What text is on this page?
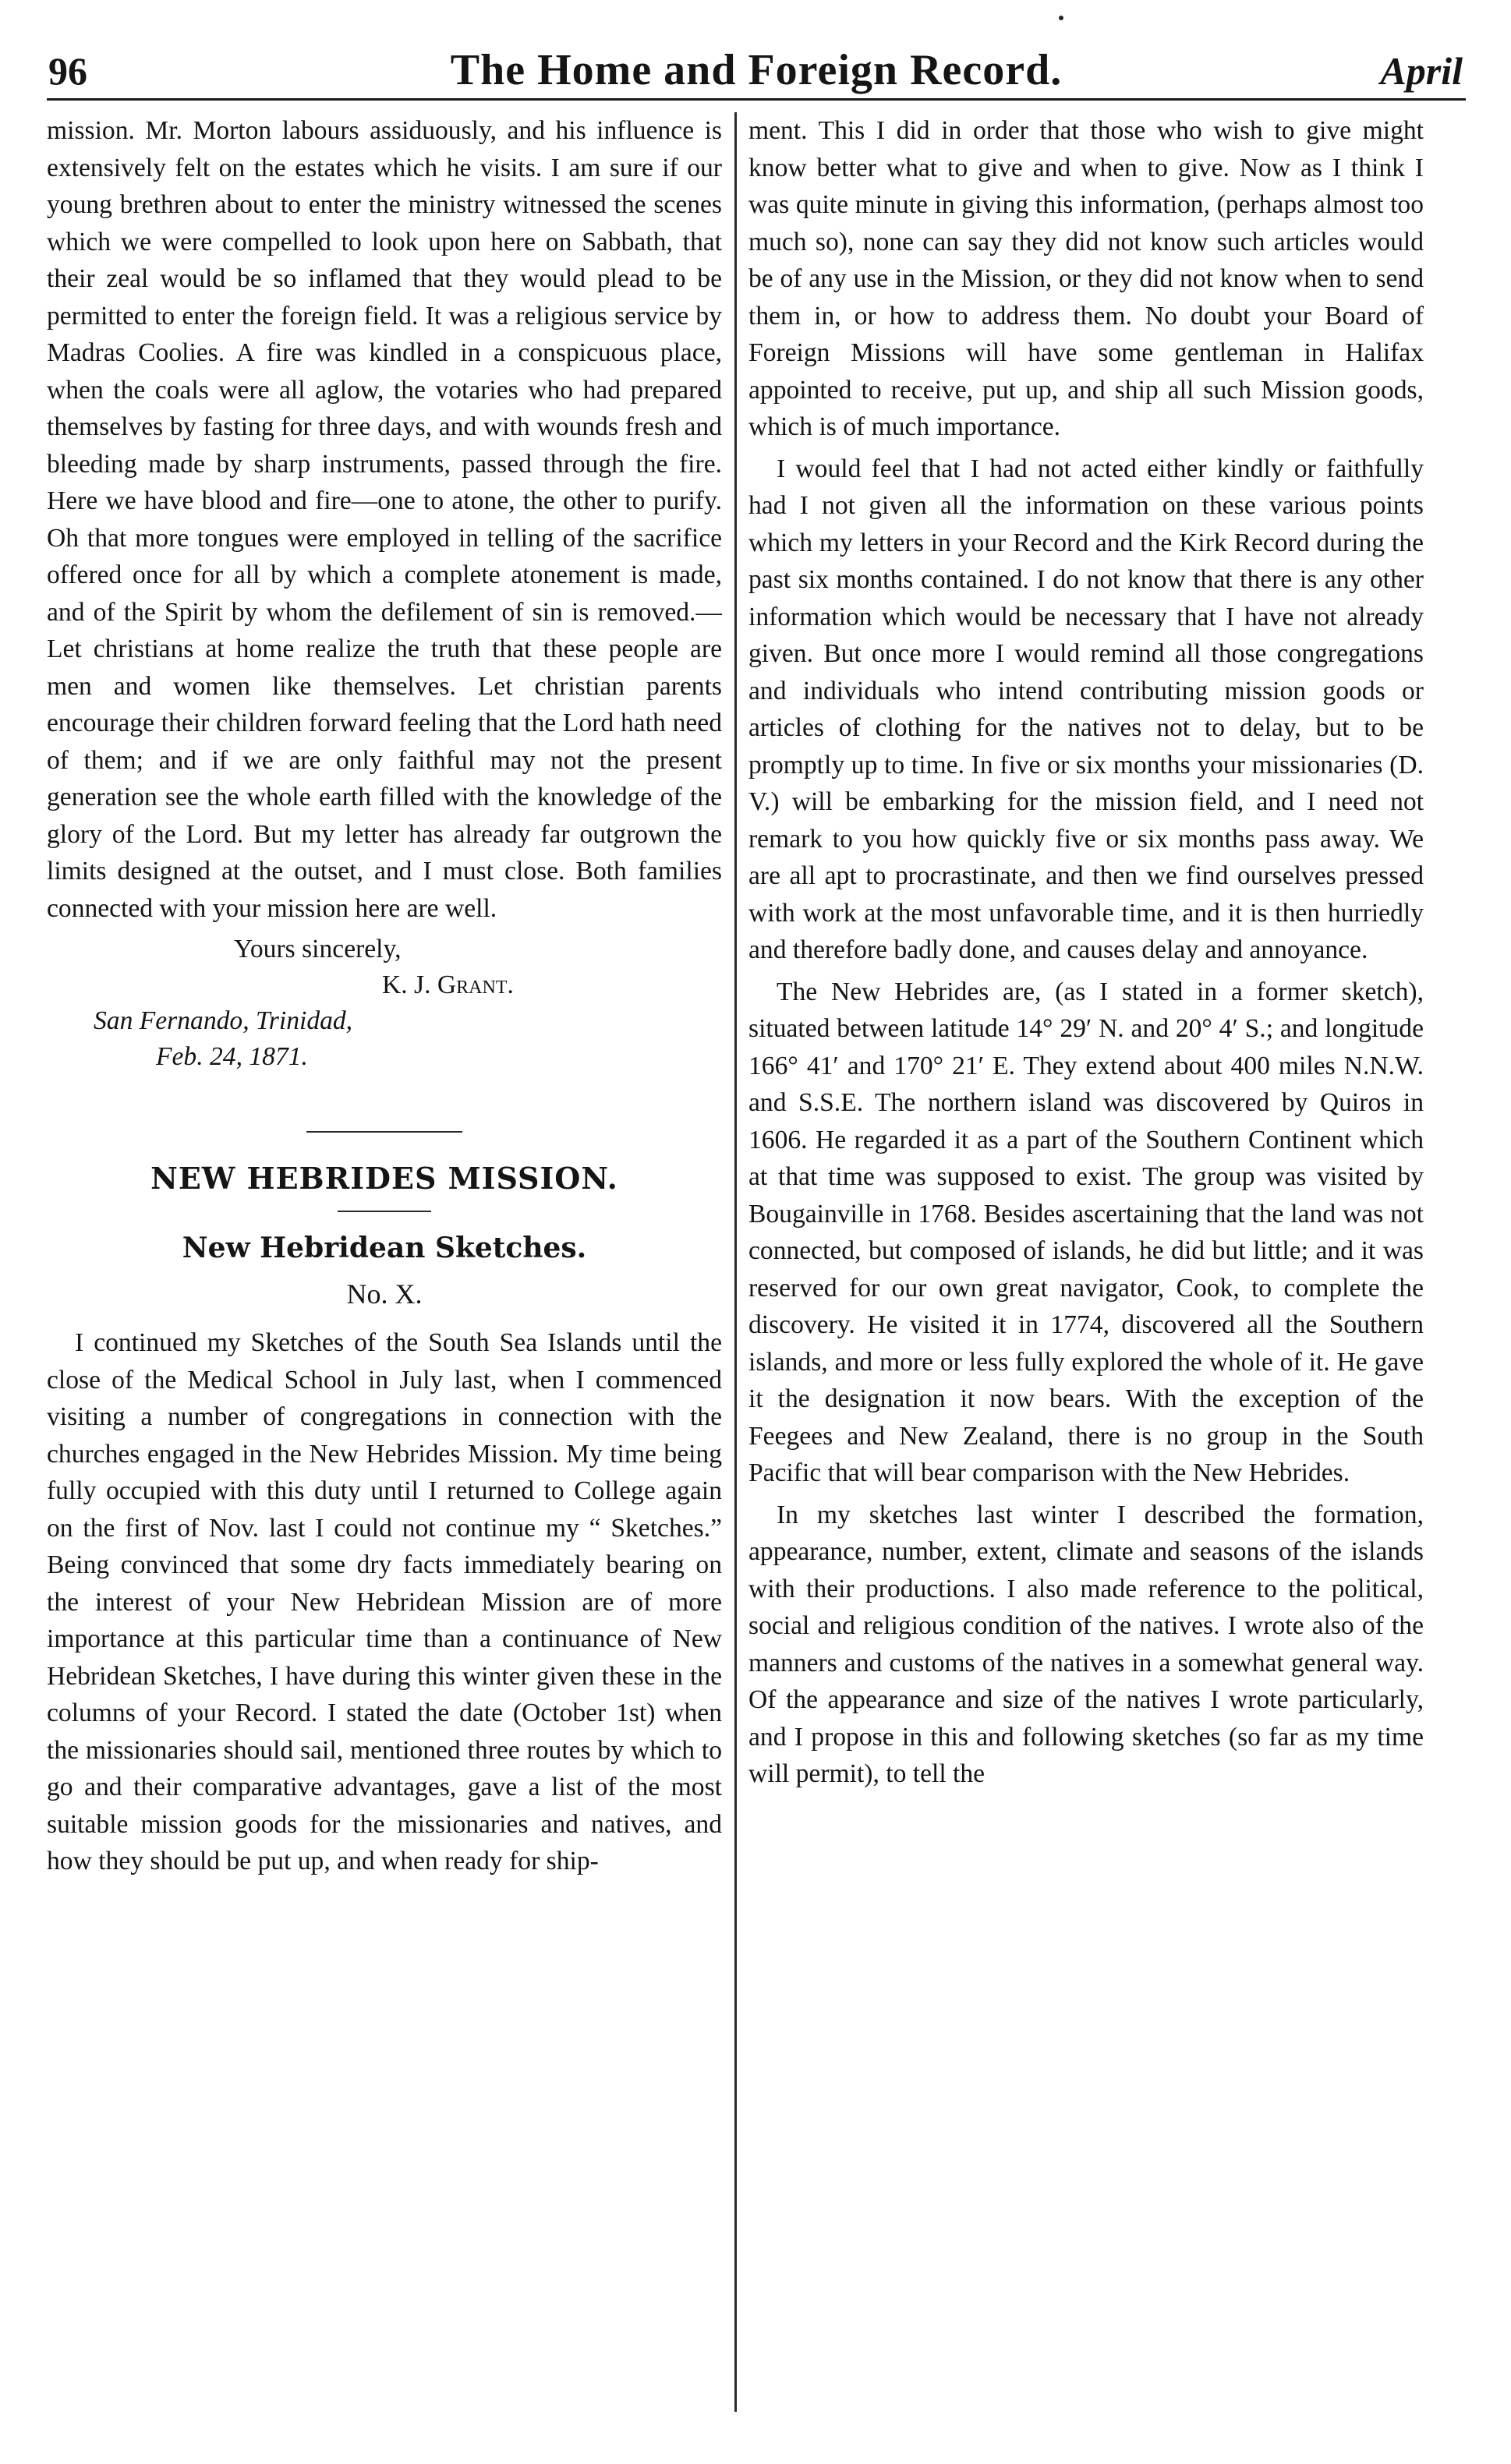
96	The Home and Foreign Record.	April

mission. Mr. Morton labours assiduously, and his influence is extensively felt on the estates which he visits. I am sure if our young brethren about to enter the ministry witnessed the scenes which we were compelled to look upon here on Sabbath, that their zeal would be so inflamed that they would plead to be permitted to enter the foreign field. It was a religious service by Madras Coolies. A fire was kindled in a conspicuous place, when the coals were all aglow, the votaries who had prepared themselves by fasting for three days, and with wounds fresh and bleeding made by sharp instruments, passed through the fire. Here we have blood and fire—one to atone, the other to purify. Oh that more tongues were employed in telling of the sacrifice offered once for all by which a complete atonement is made, and of the Spirit by whom the defilement of sin is removed.—Let christians at home realize the truth that these people are men and women like themselves. Let christian parents encourage their children forward feeling that the Lord hath need of them; and if we are only faithful may not the present generation see the whole earth filled with the knowledge of the glory of the Lord. But my letter has already far outgrown the limits designed at the outset, and I must close. Both families connected with your mission here are well.

Yours sincerely,
K. J. Grant.
San Fernando, Trinidad,
Feb. 24, 1871.
NEW HEBRIDES MISSION.
New Hebridean Sketches.
No. X.

I continued my Sketches of the South Sea Islands until the close of the Medical School in July last, when I commenced visiting a number of congregations in connection with the churches engaged in the New Hebrides Mission. My time being fully occupied with this duty until I returned to College again on the first of Nov. last I could not continue my “ Sketches.” Being convinced that some dry facts immediately bearing on the interest of your New Hebridean Mission are of more importance at this particular time than a continuance of New Hebridean Sketches, I have during this winter given these in the columns of your Record. I stated the date (October 1st) when the missionaries should sail, mentioned three routes by which to go and their comparative advantages, gave a list of the most suitable mission goods for the missionaries and natives, and how they should be put up, and when ready for ship-

ment. This I did in order that those who wish to give might know better what to give and when to give. Now as I think I was quite minute in giving this information, (perhaps almost too much so), none can say they did not know such articles would be of any use in the Mission, or they did not know when to send them in, or how to address them. No doubt your Board of Foreign Missions will have some gentleman in Halifax appointed to receive, put up, and ship all such Mission goods, which is of much importance.

I would feel that I had not acted either kindly or faithfully had I not given all the information on these various points which my letters in your Record and the Kirk Record during the past six months contained. I do not know that there is any other information which would be necessary that I have not already given. But once more I would remind all those congregations and individuals who intend contributing mission goods or articles of clothing for the natives not to delay, but to be promptly up to time. In five or six months your missionaries (D. V.) will be embarking for the mission field, and I need not remark to you how quickly five or six months pass away. We are all apt to procrastinate, and then we find ourselves pressed with work at the most unfavorable time, and it is then hurriedly and therefore badly done, and causes delay and annoyance.

The New Hebrides are, (as I stated in a former sketch), situated between latitude 14° 29′ N. and 20° 4′ S.; and longitude 166° 41′ and 170° 21′ E. They extend about 400 miles N.N.W. and S.S.E. The northern island was discovered by Quiros in 1606. He regarded it as a part of the Southern Continent which at that time was supposed to exist. The group was visited by Bougainville in 1768. Besides ascertaining that the land was not connected, but composed of islands, he did but little; and it was reserved for our own great navigator, Cook, to complete the discovery. He visited it in 1774, discovered all the Southern islands, and more or less fully explored the whole of it. He gave it the designation it now bears. With the exception of the Feegees and New Zealand, there is no group in the South Pacific that will bear comparison with the New Hebrides.

In my sketches last winter I described the formation, appearance, number, extent, climate and seasons of the islands with their productions. I also made reference to the political, social and religious condition of the natives. I wrote also of the manners and customs of the natives in a somewhat general way. Of the appearance and size of the natives I wrote particularly, and I propose in this and following sketches (so far as my time will permit), to tell the
